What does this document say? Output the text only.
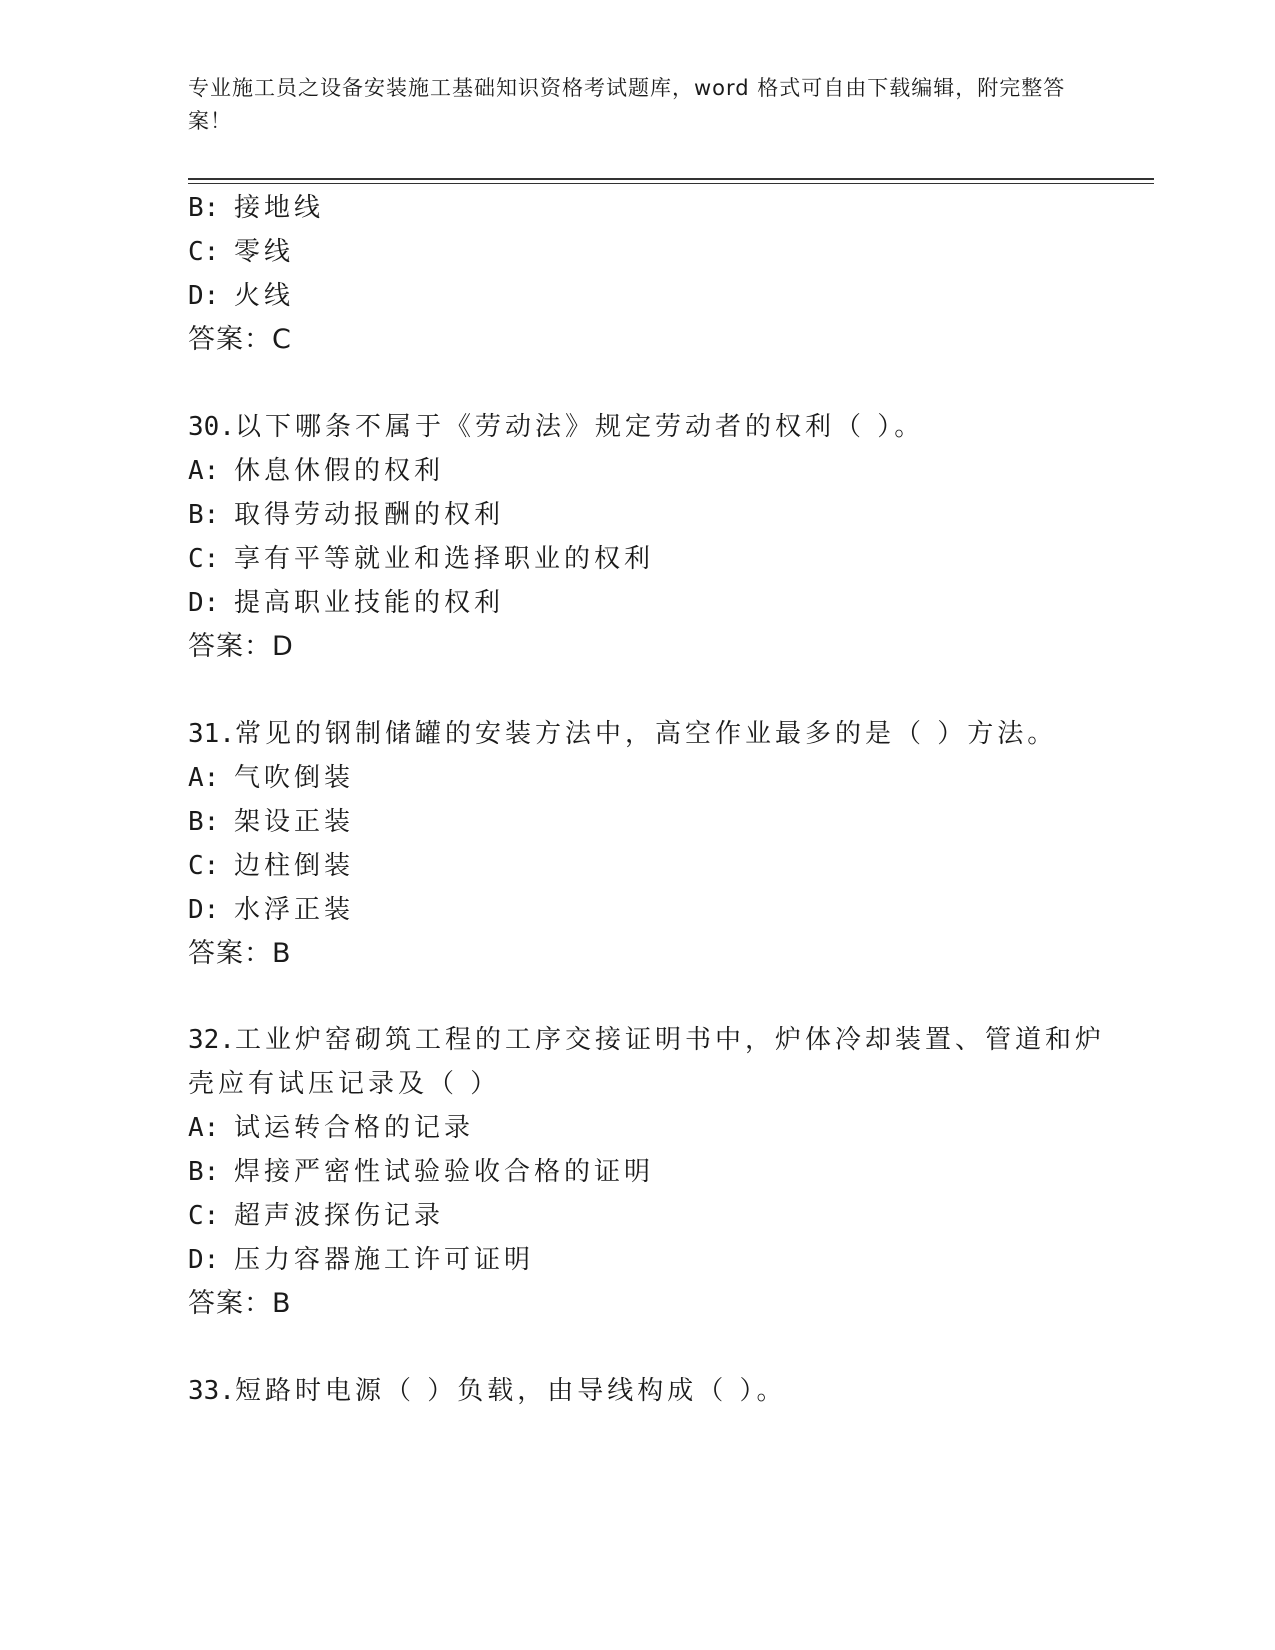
专业施工员之设备安装施工基础知识资格考试题库，word 格式可自由下载编辑，附完整答案！
B: 接地线
C: 零线
D: 火线
答案：C
30.以下哪条不属于《劳动法》规定劳动者的权利（ ）。
A: 休息休假的权利
B: 取得劳动报酬的权利
C: 享有平等就业和选择职业的权利
D: 提高职业技能的权利
答案：D
31.常见的钢制储罐的安装方法中，高空作业最多的是（ ）方法。
A: 气吹倒装
B: 架设正装
C: 边柱倒装
D: 水浮正装
答案：B
32.工业炉窑砌筑工程的工序交接证明书中，炉体冷却装置、管道和炉
壳应有试压记录及（ ）
A: 试运转合格的记录
B: 焊接严密性试验验收合格的证明
C: 超声波探伤记录
D: 压力容器施工许可证明
答案：B
33.短路时电源（ ）负载，由导线构成（ ）。
